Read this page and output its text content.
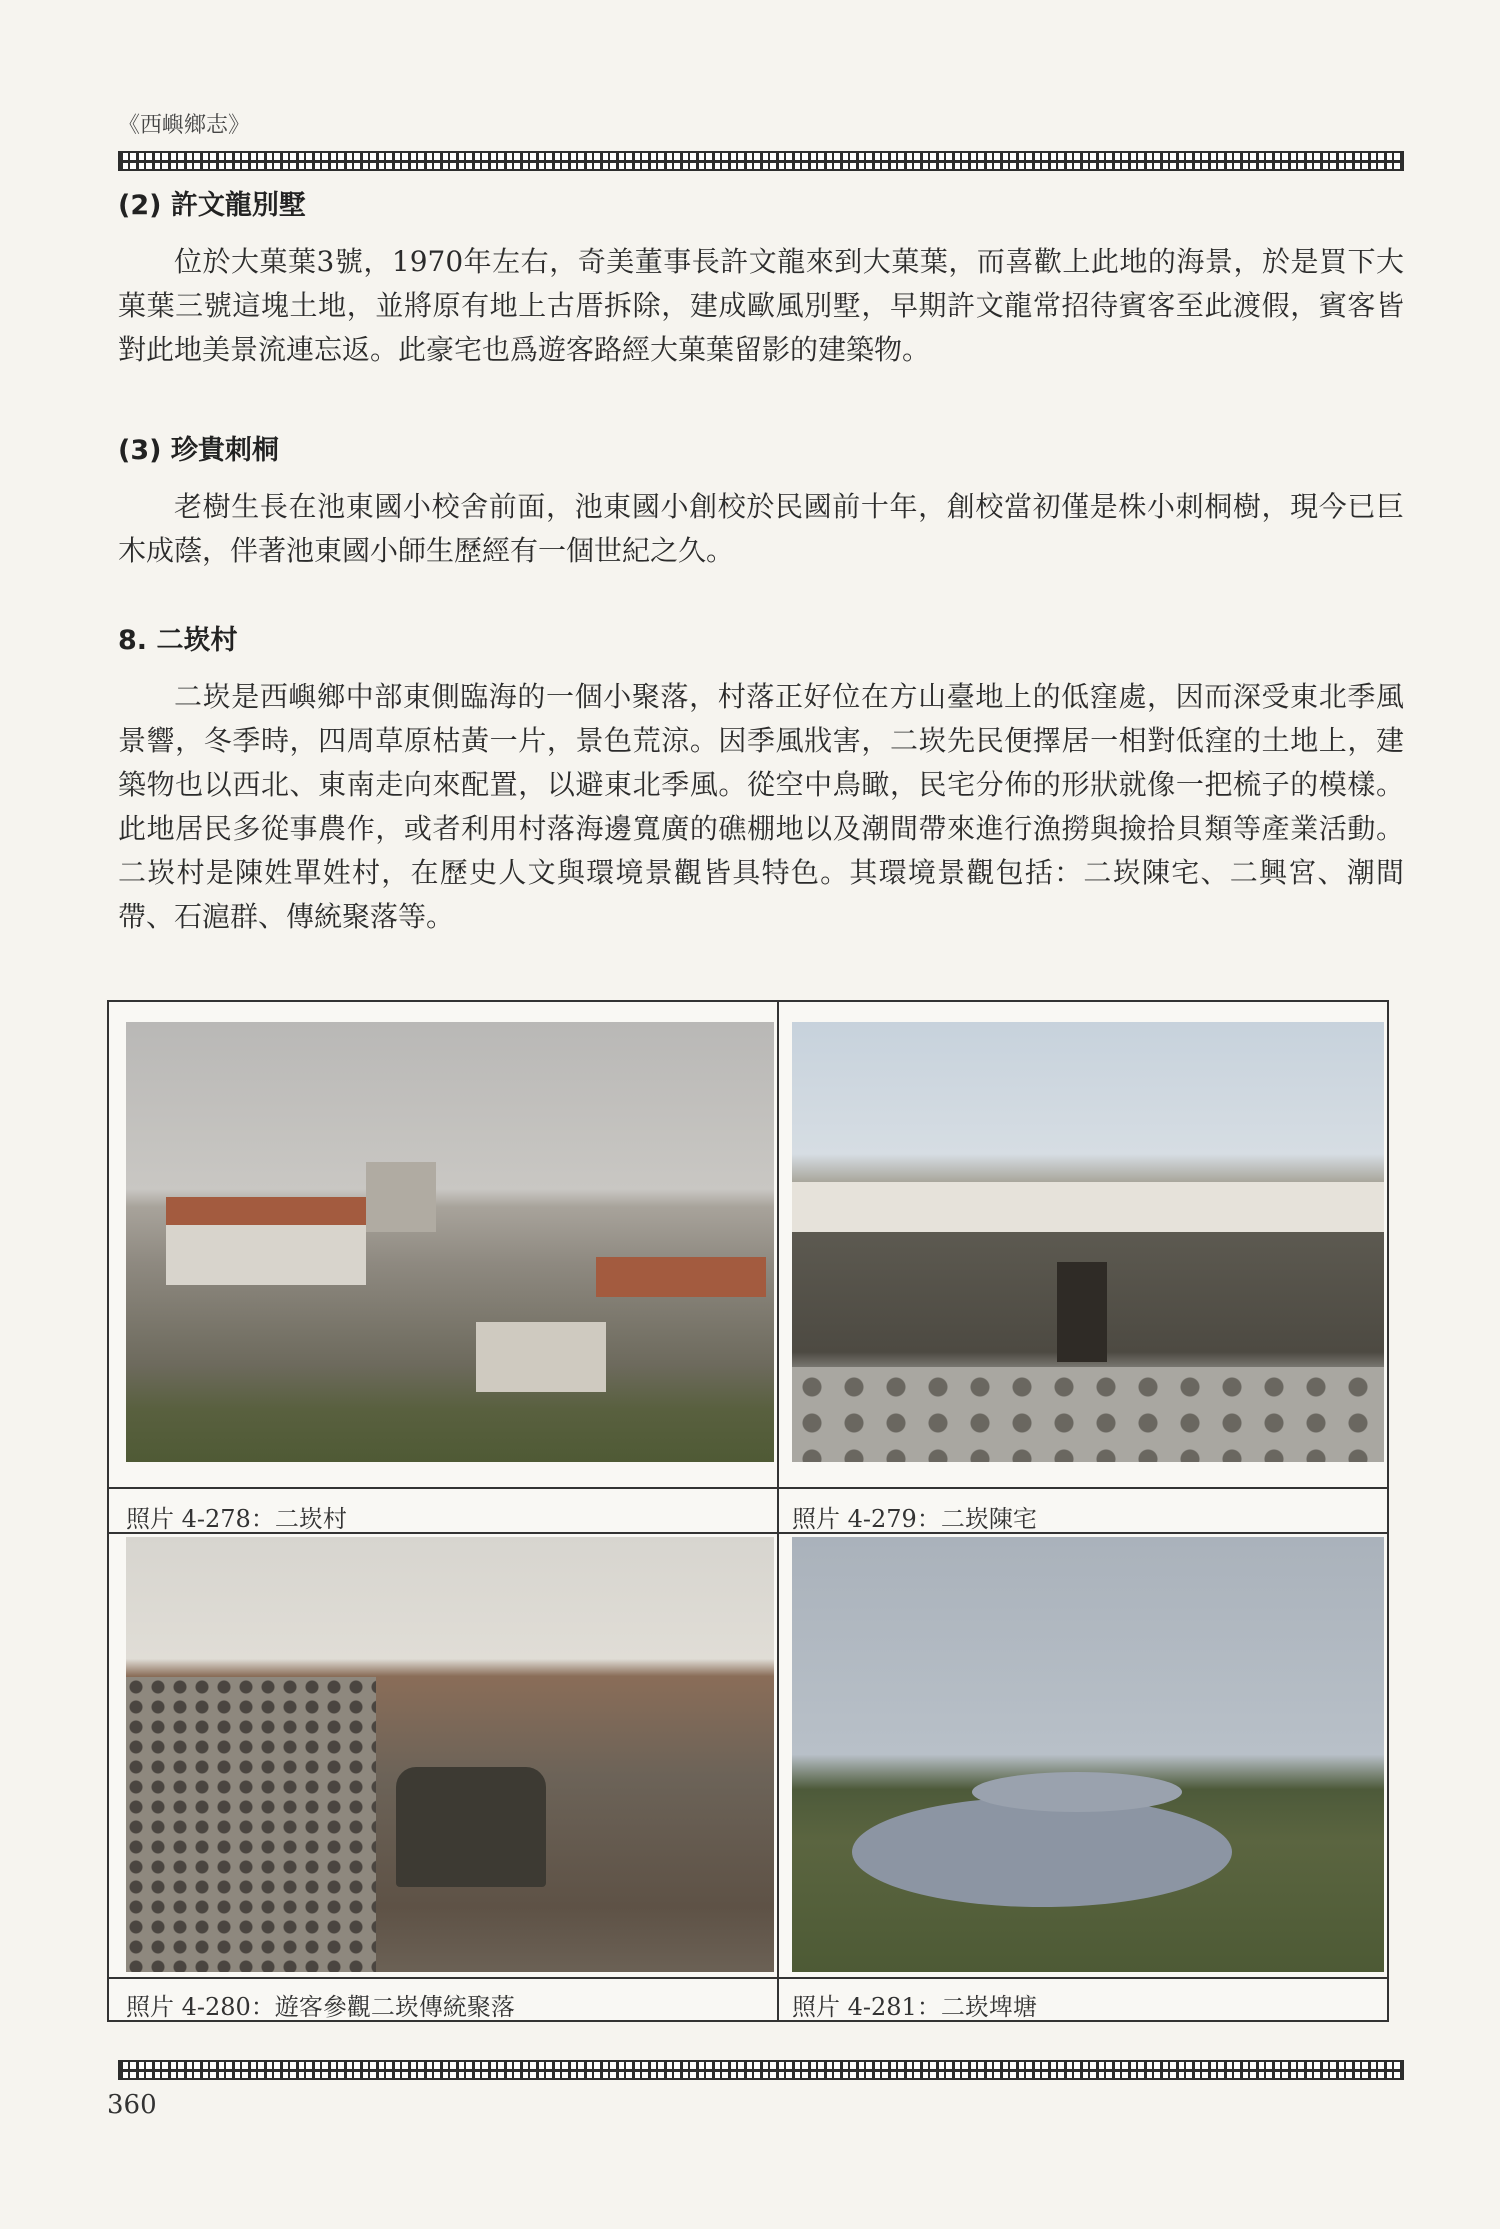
《西嶼鄉志》
(2) 許文龍別墅

位於大菓葉3號，1970年左右，奇美董事長許文龍來到大菓葉，而喜歡上此地的海景，於是買下大菓葉三號這塊土地，並將原有地上古厝拆除，建成歐風別墅，早期許文龍常招待賓客至此渡假，賓客皆對此地美景流連忘返。此豪宅也爲遊客路經大菓葉留影的建築物。

(3) 珍貴刺桐

老樹生長在池東國小校舍前面，池東國小創校於民國前十年，創校當初僅是株小刺桐樹，現今已巨木成蔭，伴著池東國小師生歷經有一個世紀之久。

8. 二崁村

二崁是西嶼鄉中部東側臨海的一個小聚落，村落正好位在方山臺地上的低窪處，因而深受東北季風景響，冬季時，四周草原枯黃一片，景色荒涼。因季風戕害，二崁先民便擇居一相對低窪的土地上，建築物也以西北、東南走向來配置，以避東北季風。從空中鳥瞰，民宅分佈的形狀就像一把梳子的模樣。此地居民多從事農作，或者利用村落海邊寬廣的礁棚地以及潮間帶來進行漁撈與撿拾貝類等產業活動。 二崁村是陳姓單姓村，在歷史人文與環境景觀皆具特色。其環境景觀包括：二崁陳宅、二興宮、潮間帶、石滬群、傳統聚落等。

照片 4-278：二崁村	照片 4-279：二崁陳宅
照片 4-280：遊客參觀二崁傳統聚落	照片 4-281：二崁埤塘
360
